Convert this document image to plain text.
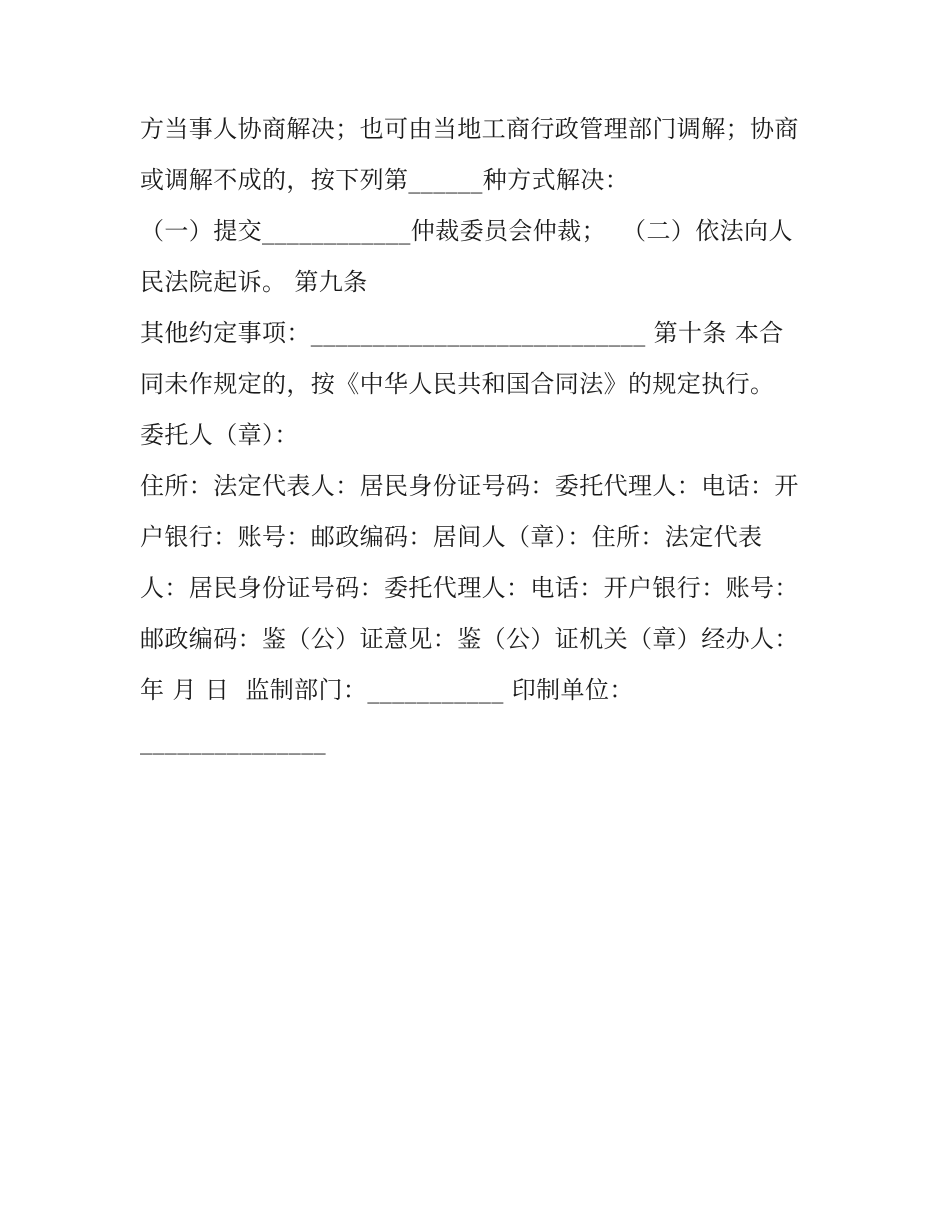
方当事人协商解决；也可由当地工商行政管理部门调解；协商
或调解不成的，按下列第______种方式解决：
（一）提交____________仲裁委员会仲裁；  （二）依法向人
民法院起诉。 第九条
其他约定事项：___________________________ 第十条 本合
同未作规定的，按《中华人民共和国合同法》的规定执行。
委托人（章）：
住所：法定代表人：居民身份证号码：委托代理人：电话：开
户银行：账号：邮政编码：居间人（章）：住所：法定代表
人：居民身份证号码：委托代理人：电话：开户银行：账号：
邮政编码：鉴（公）证意见：鉴（公）证机关（章）经办人：
年 月 日  监制部门：___________ 印制单位：
_______________
